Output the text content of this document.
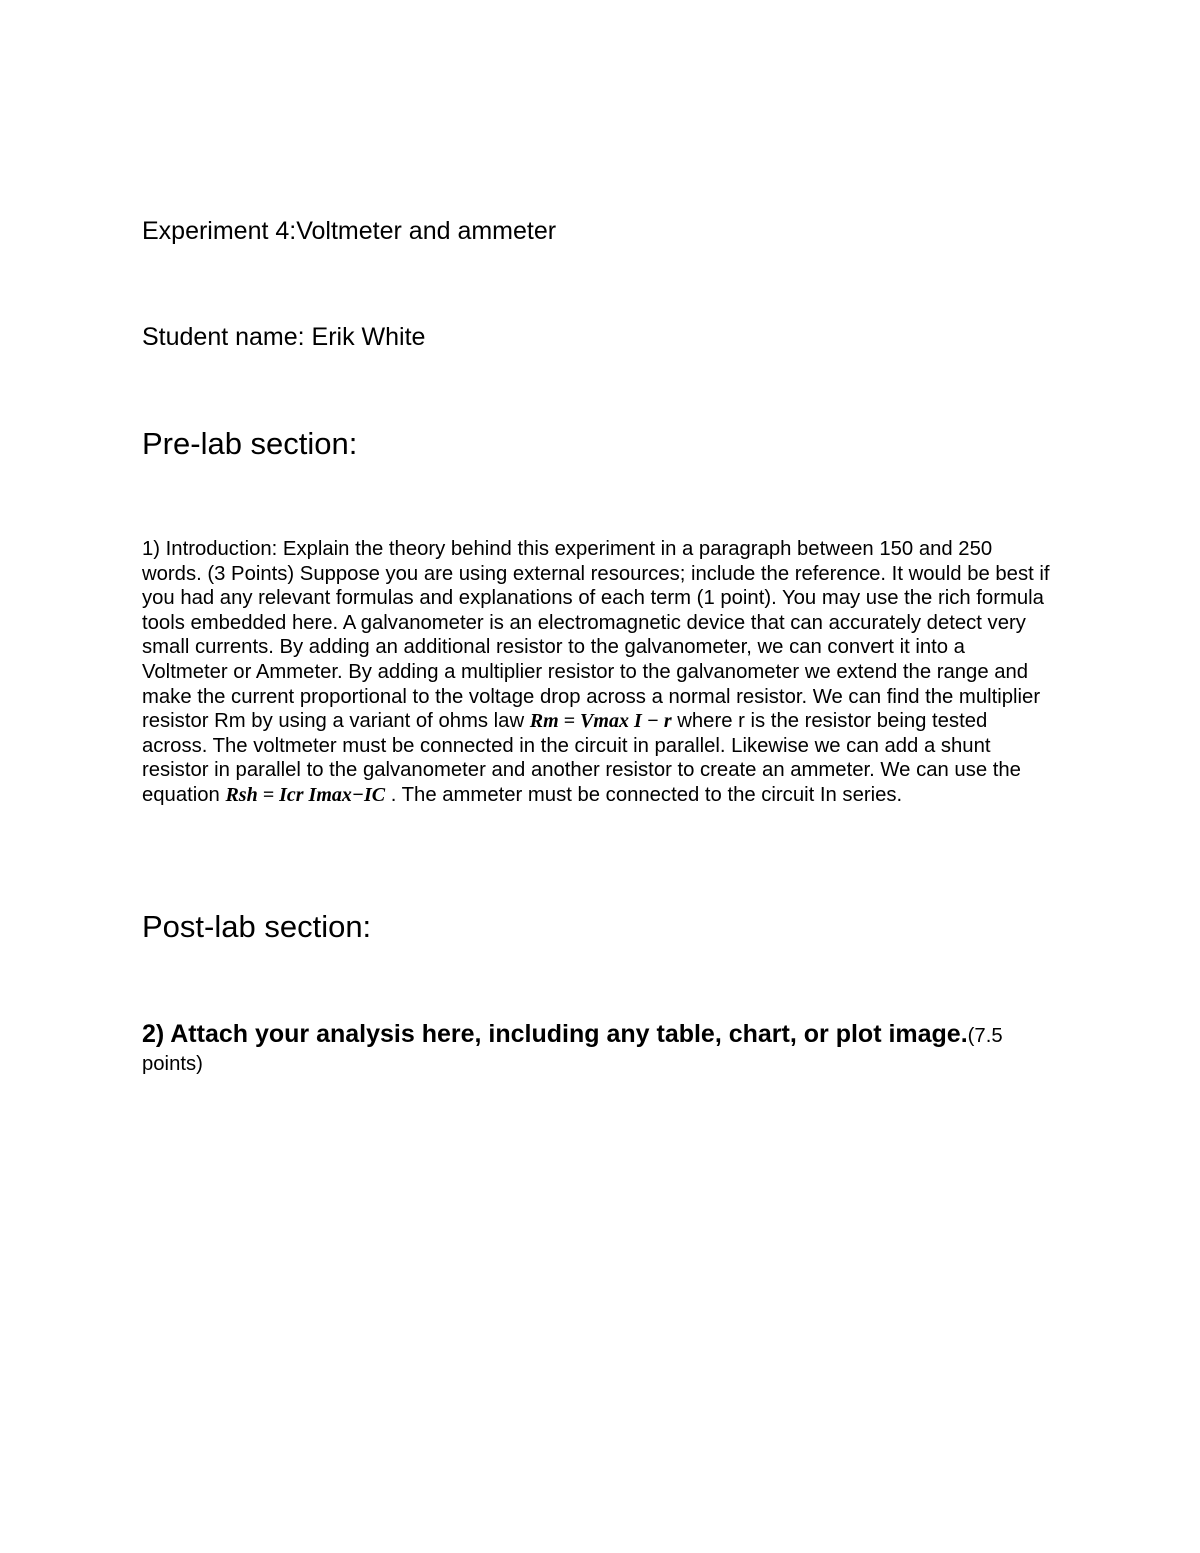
Experiment 4:Voltmeter and ammeter
Student name: Erik White
Pre-lab section:
1) Introduction: Explain the theory behind this experiment in a paragraph between 150 and 250 words. (3 Points) Suppose you are using external resources; include the reference. It would be best if you had any relevant formulas and explanations of each term (1 point). You may use the rich formula tools embedded here. A galvanometer is an electromagnetic device that can accurately detect very small currents. By adding an additional resistor to the galvanometer, we can convert it into a Voltmeter or Ammeter. By adding a multiplier resistor to the galvanometer we extend the range and make the current proportional to the voltage drop across a normal resistor. We can find the multiplier resistor Rm by using a variant of ohms law Rm = Vmax I − r where r is the resistor being tested across. The voltmeter must be connected in the circuit in parallel. Likewise we can add a shunt resistor in parallel to the galvanometer and another resistor to create an ammeter. We can use the equation Rsh = Icr Imax−IC . The ammeter must be connected to the circuit In series.
Post-lab section:
2) Attach your analysis here, including any table, chart, or plot image.(7.5 points)
